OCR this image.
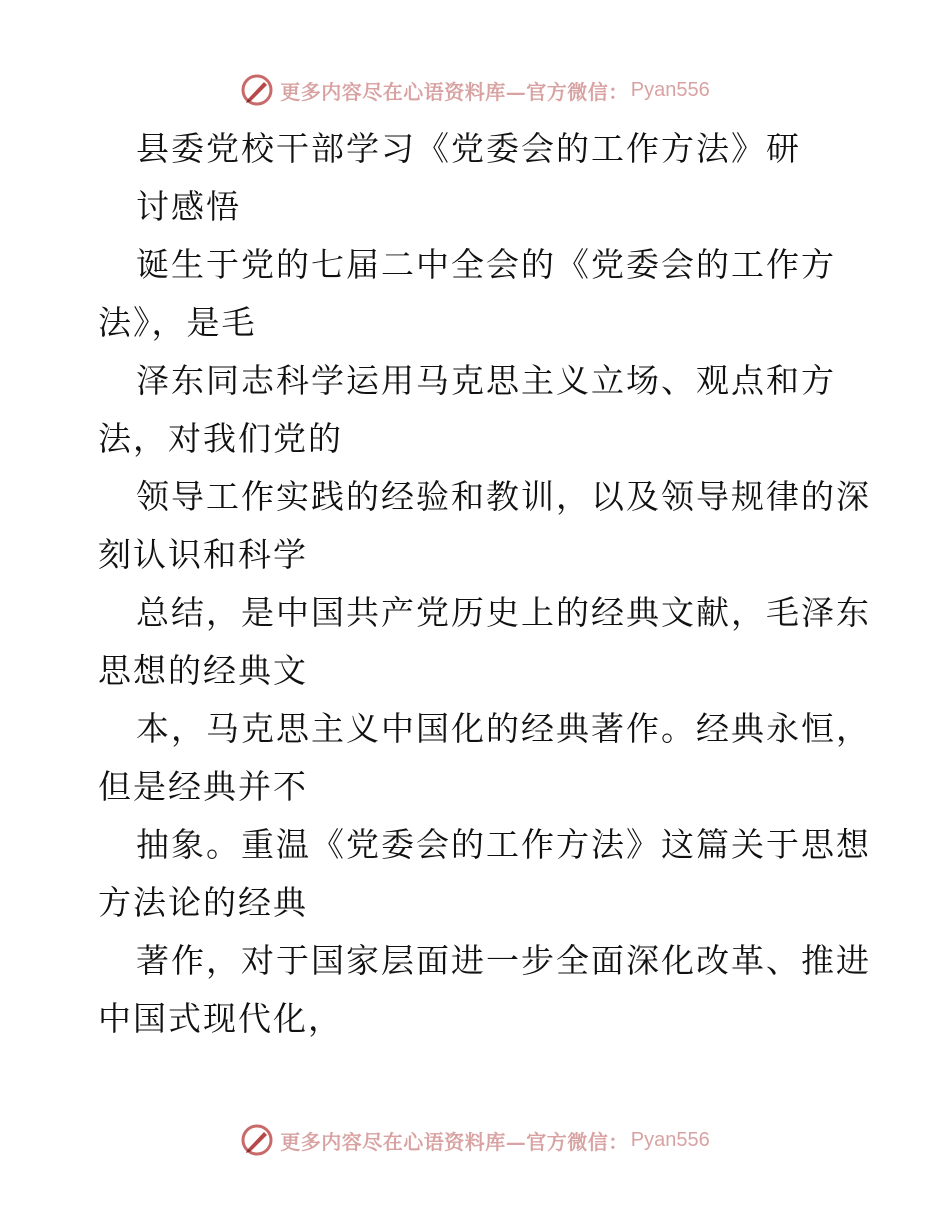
更多内容尽在心语资料库—官方微信： Pyan556
县委党校干部学习《党委会的工作方法》研
讨感悟
诞生于党的七届二中全会的《党委会的工作方
法》，是毛
泽东同志科学运用马克思主义立场、观点和方
法，对我们党的
领导工作实践的经验和教训，以及领导规律的深
刻认识和科学
总结，是中国共产党历史上的经典文献，毛泽东
思想的经典文
本，马克思主义中国化的经典著作。经典永恒，
但是经典并不
抽象。重温《党委会的工作方法》这篇关于思想
方法论的经典
著作，对于国家层面进一步全面深化改革、推进
中国式现代化，
更多内容尽在心语资料库—官方微信： Pyan556
